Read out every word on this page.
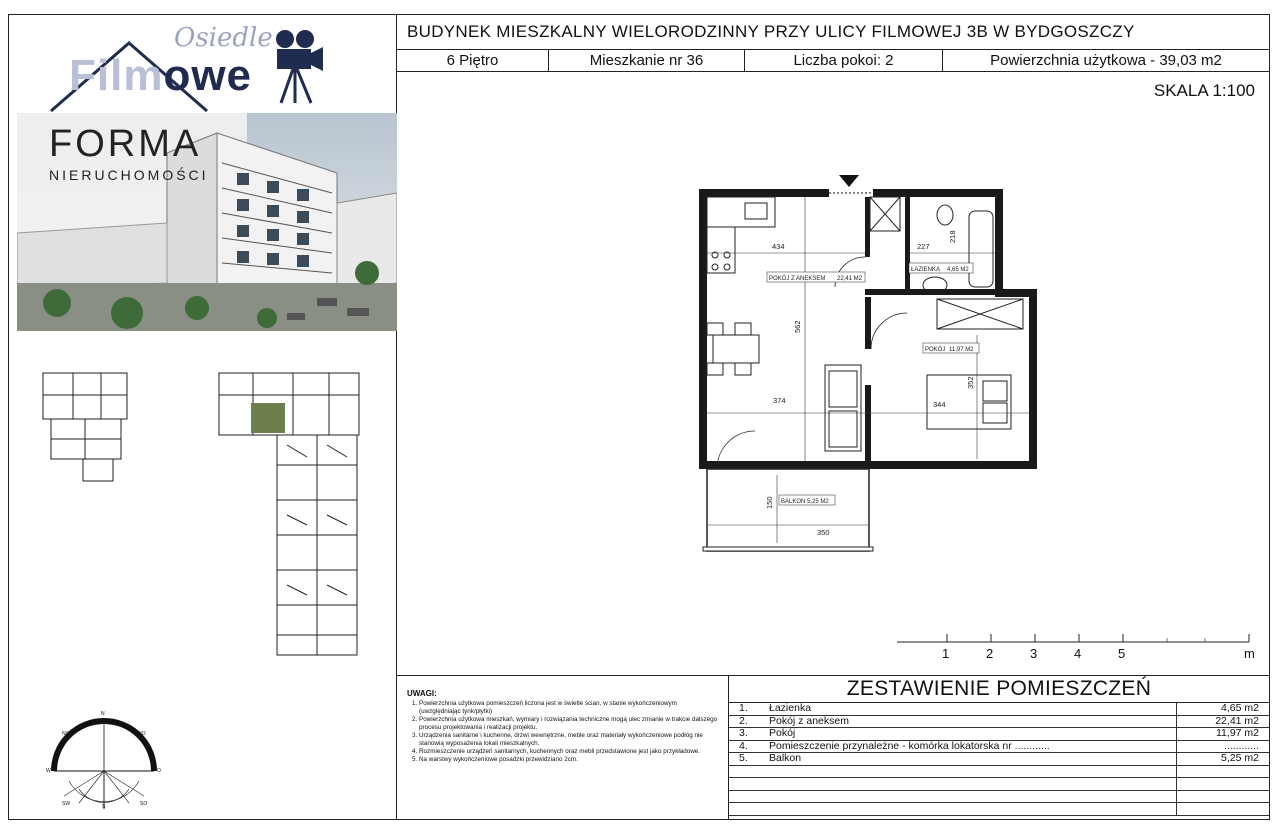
Osiedle
Filmowe
FORMA
NIERUCHOMOŚCI
N
NW	NO
W	O
SW	SO
S
BUDYNEK MIESZKALNY WIELORODZINNY PRZY ULICY FILMOWEJ 3B W BYDGOSZCZY
6 Piętro	Mieszkanie nr 36	Liczba pokoi: 2	Powierzchnia użytkowa - 39,03 m2
SKALA 1:100
434	227
374	344
350
218
562
352
150
POKÓJ Z ANEKSEM 22,41 M2
ŁAZIENKA 4,65 M2
POKÓJ 11,97 M2
BALKON 5,25 M2
1	2	3	4	5	m
UWAGI:
1. Powierzchnia użytkowa pomieszczeń liczona jest w świetle ścian, w stanie wykończeniowym (uwzględniając tynk/płytki)
2. Powierzchnia użytkowa mieszkań, wymiary i rozwiązania techniczne mogą ulec zmianie w trakcie dalszego procesu projektowania i realizacji projektu.
3. Urządzenia sanitarne i kuchenne, drzwi wewnętrzne, meble oraz materiały wykończeniowe podłóg nie stanowią wyposażenia lokali mieszkalnych.
4. Rozmieszczenie urządzeń sanitarnych, kuchennych oraz mebli przedstawione jest jako przykładowe.
5. Na warstwy wykończeniowe posadzki przewidziano 2cm.
ZESTAWIENIE POMIESZCZEŃ
1.	Łazienka	4,65 m2
2.	Pokój z aneksem	22,41 m2
3.	Pokój	11,97 m2
4.	Pomieszczenie przynależne - komórka lokatorska nr ............	............
5.	Balkon	5,25 m2
